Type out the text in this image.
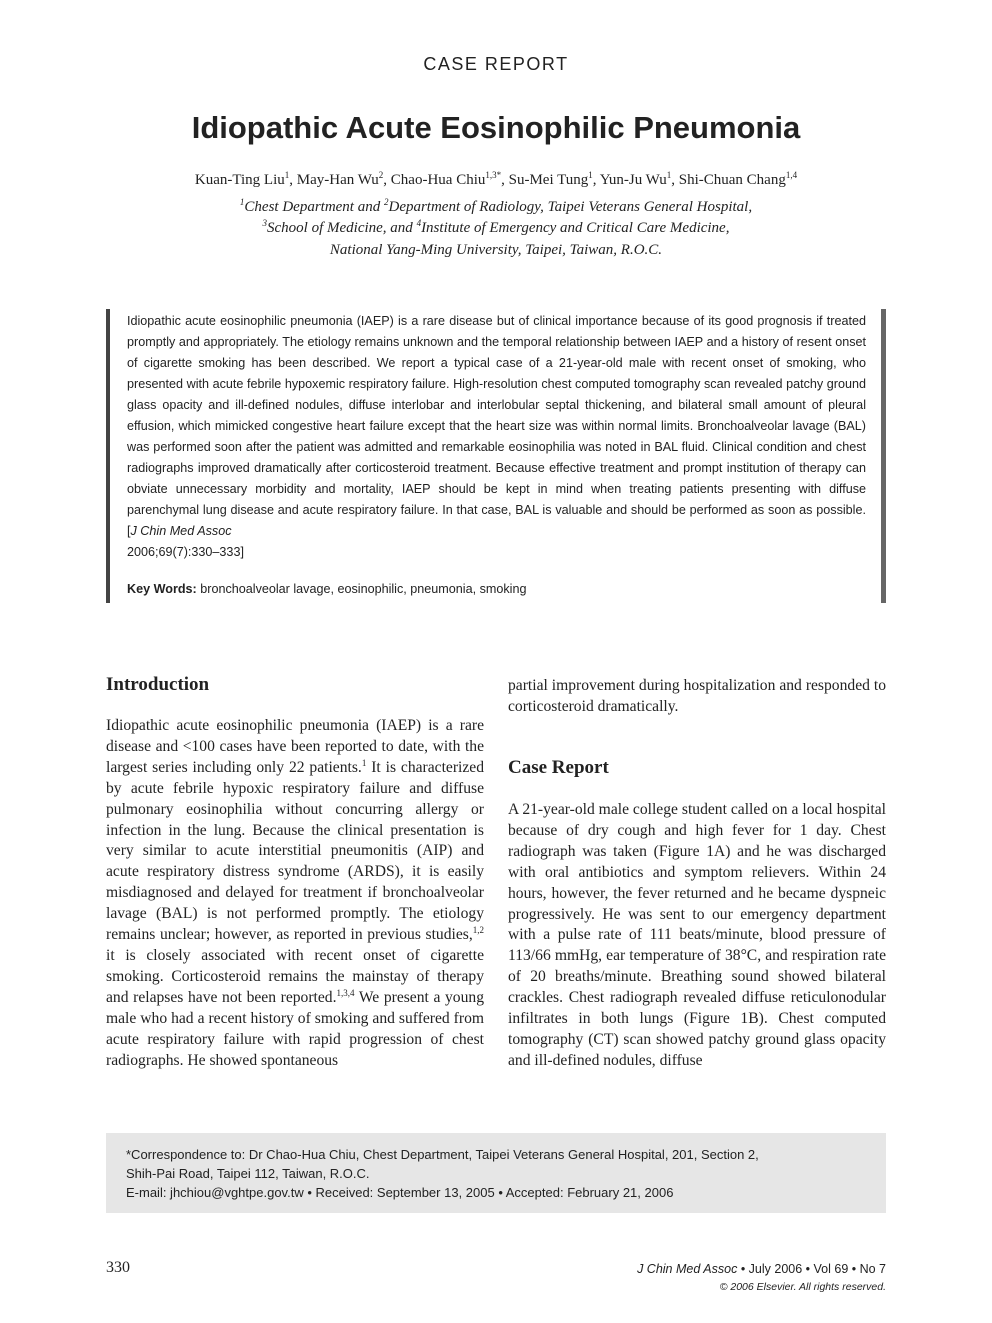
CASE REPORT
Idiopathic Acute Eosinophilic Pneumonia
Kuan-Ting Liu$^1$, May-Han Wu$^2$, Chao-Hua Chiu$^{1,3*}$, Su-Mei Tung$^1$, Yun-Ju Wu$^1$, Shi-Chuan Chang$^{1,4}$
$^1$Chest Department and $^2$Department of Radiology, Taipei Veterans General Hospital,
$^3$School of Medicine, and $^4$Institute of Emergency and Critical Care Medicine,
National Yang-Ming University, Taipei, Taiwan, R.O.C.
Idiopathic acute eosinophilic pneumonia (IAEP) is a rare disease but of clinical importance because of its good prognosis if treated promptly and appropriately. The etiology remains unknown and the temporal relationship between IAEP and a history of resent onset of cigarette smoking has been described. We report a typical case of a 21-year-old male with recent onset of smoking, who presented with acute febrile hypoxemic respiratory failure. High-resolution chest computed tomography scan revealed patchy ground glass opacity and ill-defined nodules, diffuse interlobar and interlobular septal thickening, and bilateral small amount of pleural effusion, which mimicked congestive heart failure except that the heart size was within normal limits. Bronchoalveolar lavage (BAL) was performed soon after the patient was admitted and remarkable eosinophilia was noted in BAL fluid. Clinical condition and chest radiographs improved dramatically after corticosteroid treatment. Because effective treatment and prompt institution of therapy can obviate unnecessary morbidity and mortality, IAEP should be kept in mind when treating patients presenting with diffuse parenchymal lung disease and acute respiratory failure. In that case, BAL is valuable and should be performed as soon as possible. [J Chin Med Assoc
2006;69(7):330–333]
Key Words: bronchoalveolar lavage, eosinophilic, pneumonia, smoking
Introduction
Idiopathic acute eosinophilic pneumonia (IAEP) is a rare disease and <100 cases have been reported to date, with the largest series including only 22 patients.$^1$ It is characterized by acute febrile hypoxic respiratory failure and diffuse pulmonary eosinophilia without concurring allergy or infection in the lung. Because the clinical presentation is very similar to acute interstitial pneumonitis (AIP) and acute respiratory distress syndrome (ARDS), it is easily misdiagnosed and delayed for treatment if bronchoalveolar lavage (BAL) is not performed promptly. The etiology remains unclear; however, as reported in previous studies,$^{1,2}$ it is closely associated with recent onset of cigarette smoking. Corticosteroid remains the mainstay of therapy and relapses have not been reported.$^{1,3,4}$ We present a young male who had a recent history of smoking and suffered from acute respiratory failure with rapid progression of chest radiographs. He showed spontaneous
partial improvement during hospitalization and responded to corticosteroid dramatically.
Case Report
A 21-year-old male college student called on a local hospital because of dry cough and high fever for 1 day. Chest radiograph was taken (Figure 1A) and he was discharged with oral antibiotics and symptom relievers. Within 24 hours, however, the fever returned and he became dyspneic progressively. He was sent to our emergency department with a pulse rate of 111 beats/minute, blood pressure of 113/66 mmHg, ear temperature of 38°C, and respiration rate of 20 breaths/minute. Breathing sound showed bilateral crackles. Chest radiograph revealed diffuse reticulonodular infiltrates in both lungs (Figure 1B). Chest computed tomography (CT) scan showed patchy ground glass opacity and ill-defined nodules, diffuse
*Correspondence to: Dr Chao-Hua Chiu, Chest Department, Taipei Veterans General Hospital, 201, Section 2,
Shih-Pai Road, Taipei 112, Taiwan, R.O.C.
E-mail: jhchiou@vghtpe.gov.tw • Received: September 13, 2005 • Accepted: February 21, 2006
330	J Chin Med Assoc • July 2006 • Vol 69 • No 7
© 2006 Elsevier. All rights reserved.
